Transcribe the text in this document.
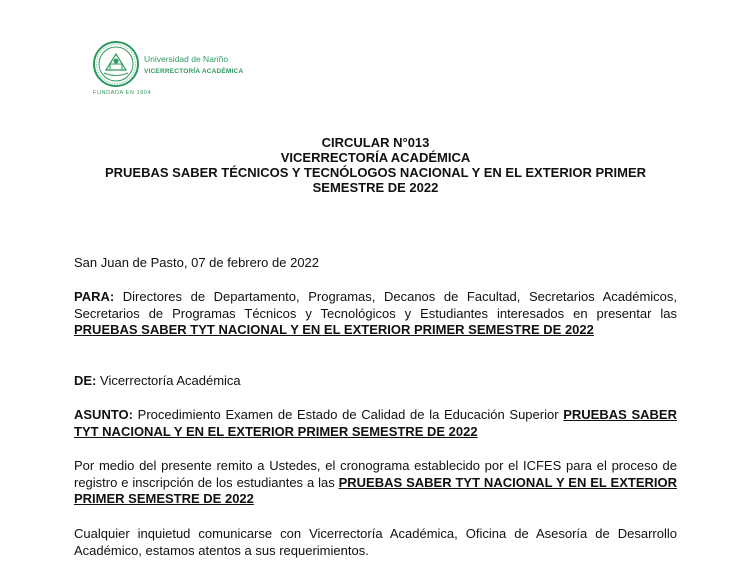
Universidad de Nariño
VICERRECTORÍA ACADÉMICA
FUNDADA EN 1904
CIRCULAR N°013
VICERRECTORÍA ACADÉMICA
PRUEBAS SABER TÉCNICOS Y TECNÓLOGOS NACIONAL Y EN EL EXTERIOR PRIMER SEMESTRE DE 2022
San Juan de Pasto, 07 de febrero de 2022
PARA: Directores de Departamento, Programas, Decanos de Facultad, Secretarios Académicos, Secretarios de Programas Técnicos y Tecnológicos y Estudiantes interesados en presentar las PRUEBAS SABER TYT NACIONAL Y EN EL EXTERIOR PRIMER SEMESTRE DE 2022
DE: Vicerrectoría Académica
ASUNTO: Procedimiento Examen de Estado de Calidad de la Educación Superior PRUEBAS SABER TYT NACIONAL Y EN EL EXTERIOR PRIMER SEMESTRE DE 2022
Por medio del presente remito a Ustedes, el cronograma establecido por el ICFES para el proceso de registro e inscripción de los estudiantes a las PRUEBAS SABER TYT NACIONAL Y EN EL EXTERIOR PRIMER SEMESTRE DE 2022
Cualquier inquietud comunicarse con Vicerrectoría Académica, Oficina de Asesoría de Desarrollo Académico, estamos atentos a sus requerimientos.
